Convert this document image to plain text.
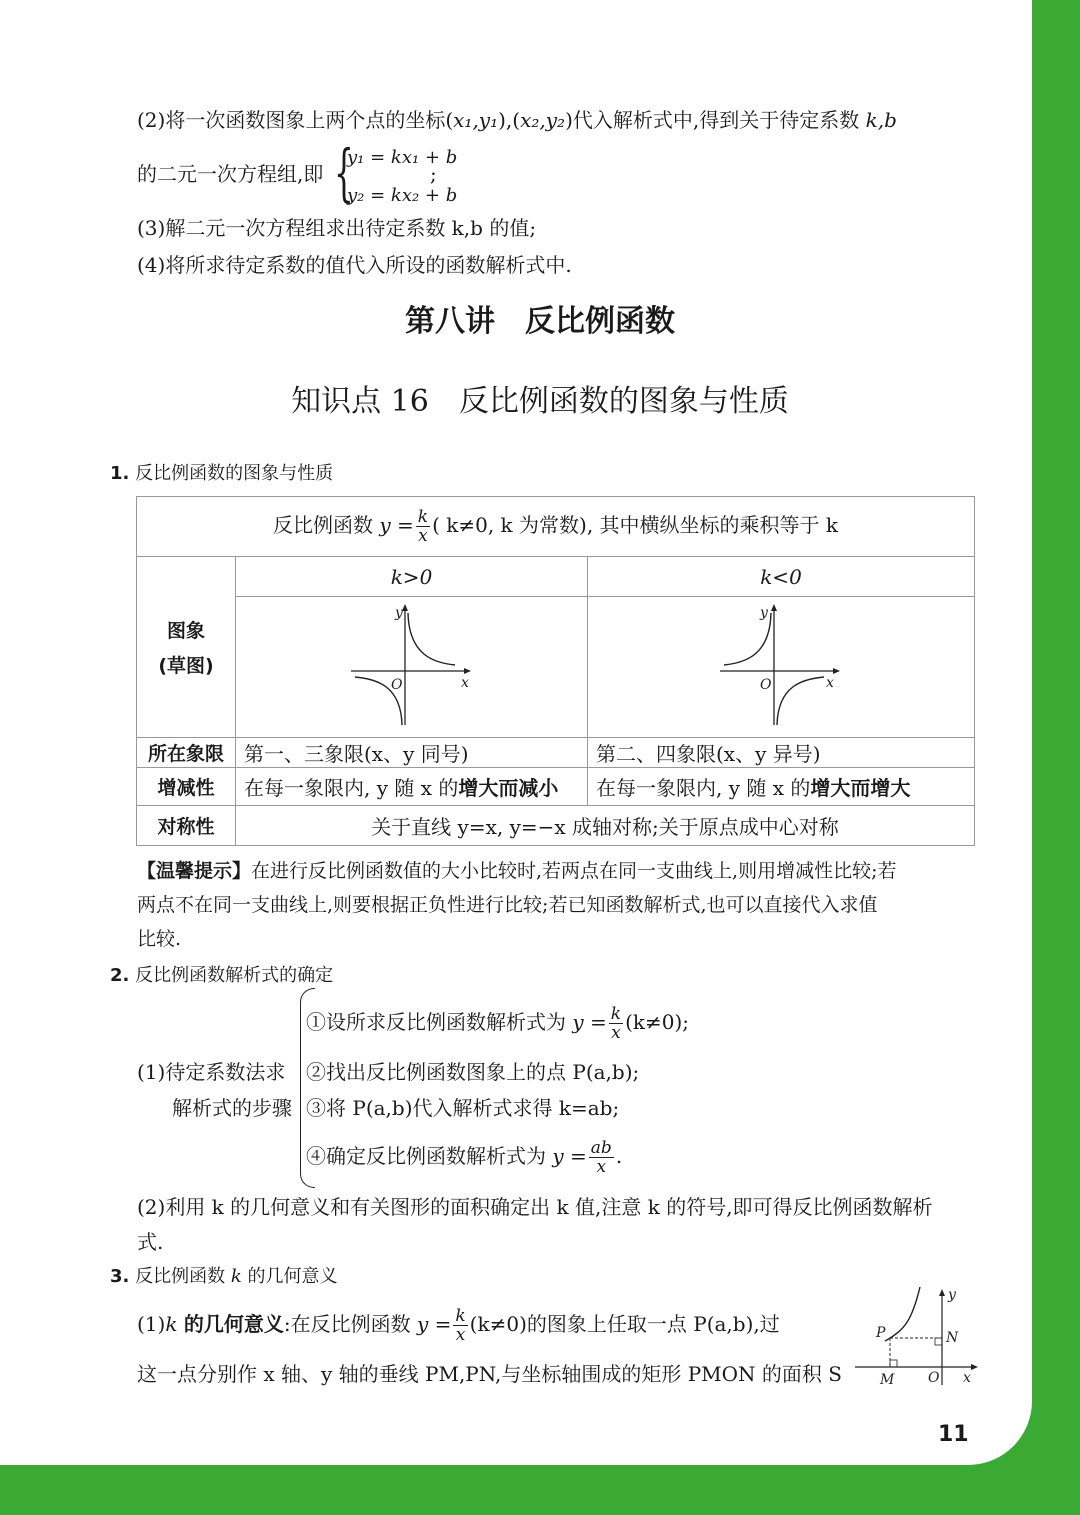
(2)将一次函数图象上两个点的坐标(x₁,y₁),(x₂,y₂)代入解析式中,得到关于待定系数 k,b
的二元一次方程组,即 {
y₁ = kx₁ + b
y₂ = kx₂ + b
;
(3)解二元一次方程组求出待定系数 k,b 的值;
(4)将所求待定系数的值代入所设的函数解析式中.
第八讲　反比例函数
知识点 16　反比例函数的图象与性质
1. 反比例函数的图象与性质
反比例函数 $y = \frac{k}{x}$ ( k≠0, k 为常数), 其中横纵坐标的乘积等于 k		

图象
(草图)	k>0	k<0

y
x
O	y
x
O

所在象限	第一、三象限(x、y 同号)	第二、四象限(x、y 异号)
增减性	在每一象限内, y 随 x 的增大而减小	在每一象限内, y 随 x 的增大而增大
对称性	关于直线 y=x, y=−x 成轴对称;关于原点成中心对称	
【温馨提示】在进行反比例函数值的大小比较时,若两点在同一支曲线上,则用增减性比较;若
两点不在同一支曲线上,则要根据正负性进行比较;若已知函数解析式,也可以直接代入求值
比较.
2. 反比例函数解析式的确定
(1)待定系数法求
解析式的步骤
①设所求反比例函数解析式为 $y = \frac{k}{x} (k\ne 0)$;
②找出反比例函数图象上的点 P(a,b);
③将 P(a,b)代入解析式求得 k=ab;
④确定反比例函数解析式为 $y = \frac{ab}{x}$ .
(2)利用 k 的几何意义和有关图形的面积确定出 k 值,注意 k 的符号,即可得反比例函数解析
式.
3. 反比例函数 k 的几何意义
(1)k 的几何意义:在反比例函数 $y = \frac{k}{x} (k\ne 0)$的图象上任取一点 P(a,b),过
这一点分别作 x 轴、y 轴的垂线 PM,PN,与坐标轴围成的矩形 PMON 的面积 S
y
x
O
P	N
M
11
